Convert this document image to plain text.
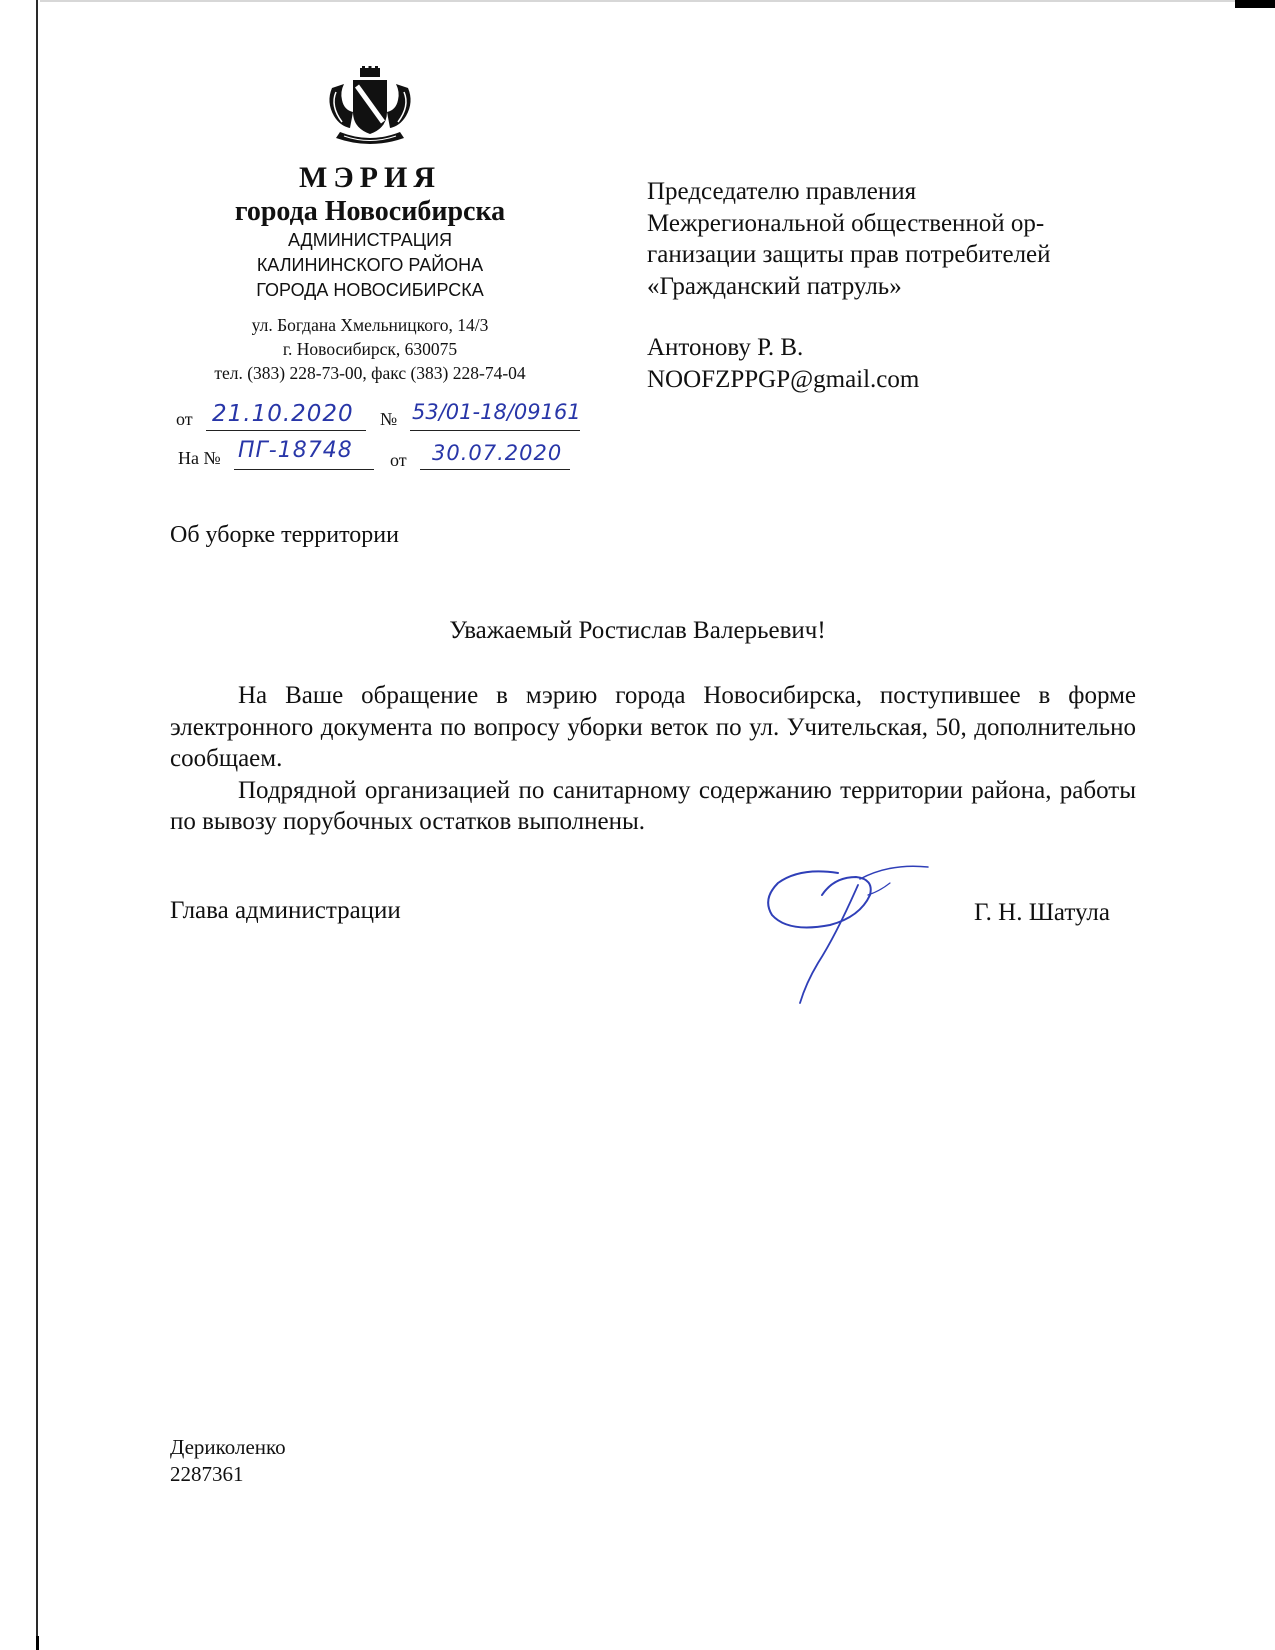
МЭРИЯ
города Новосибирска
АДМИНИСТРАЦИЯ
КАЛИНИНСКОГО РАЙОНА
ГОРОДА НОВОСИБИРСКА
ул. Богдана Хмельницкого, 14/3
г. Новосибирск, 630075
тел. (383) 228-73-00, факс (383) 228-74-04
от 21.10.2020 № 53/01-18/09161
На № ПГ-18748 от 30.07.2020
Председателю правления
Межрегиональной общественной ор-
ганизации защиты прав потребителей
«Гражданский патруль»
Антонову Р. В.
NOOFZPPGP@gmail.com
Об уборке территории
Уважаемый Ростислав Валерьевич!

На Ваше обращение в мэрию города Новосибирска, поступившее в форме электронного документа по вопросу уборки веток по ул. Учительская, 50, дополнительно сообщаем.

Подрядной организацией по санитарному содержанию территории района, работы по вывозу порубочных остатков выполнены.

Глава администрации	Г. Н. Шатула
Дериколенко
2287361
